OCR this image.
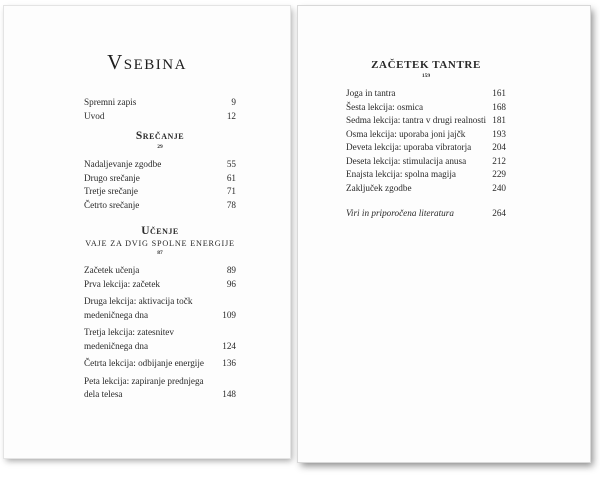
Vsebina
Spremni zapis	9
Uvod	12
Srečanje
29
Nadaljevanje zgodbe	55
Drugo srečanje	61
Tretje srečanje	71
Četrto srečanje	78
Učenje
VAJE ZA DVIG SPOLNE ENERGIJE
87
Začetek učenja	89
Prva lekcija: začetek	96
Druga lekcija: aktivacija točk medeničnega dna	109
Tretja lekcija: zatesnitev medeničnega dna	124
Četrta lekcija: odbijanje energije	136
Peta lekcija: zapiranje prednjega dela telesa	148
ZAČETEK TANTRE
159
Joga in tantra	161
Šesta lekcija: osmica	168
Sedma lekcija: tantra v drugi realnosti 181
Osma lekcija: uporaba joni jajčk	193
Deveta lekcija: uporaba vibratorja	204
Deseta lekcija: stimulacija anusa	212
Enajsta lekcija: spolna magija	229
Zaključek zgodbe	240
Viri in priporočena literatura	264
